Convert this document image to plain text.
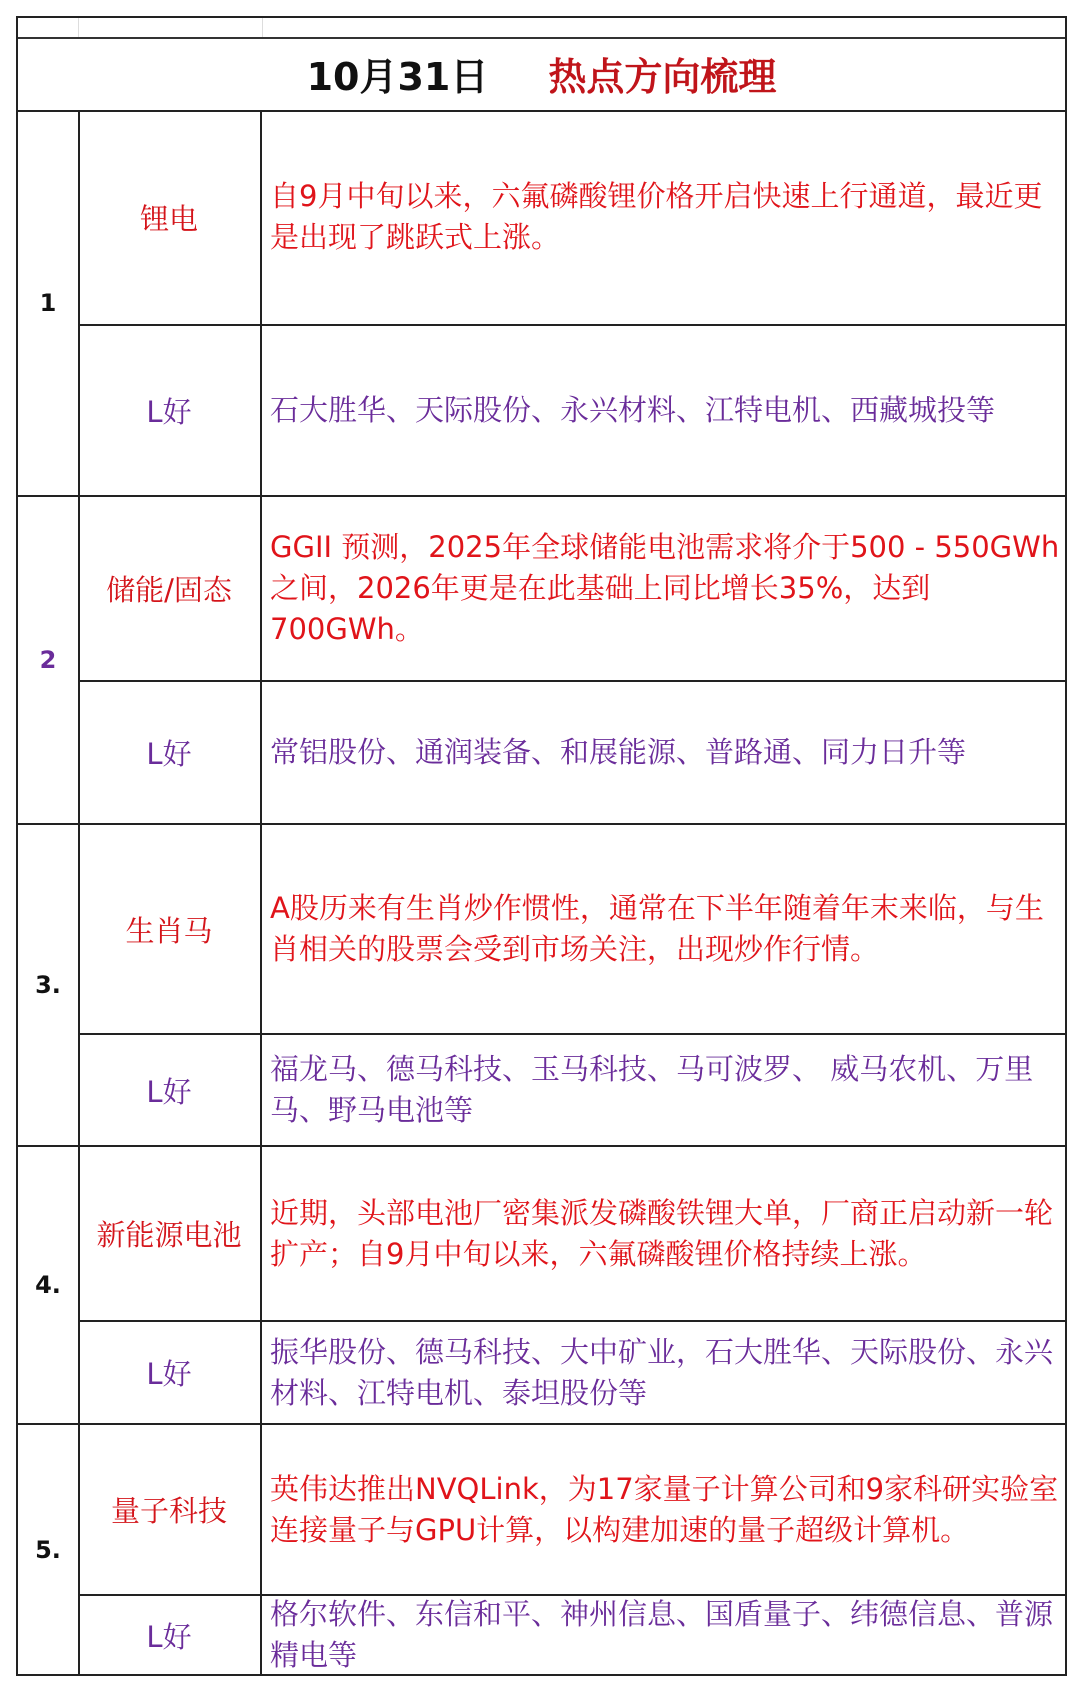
10月31日 热点方向梳理
1
锂电
自9月中旬以来，六氟磷酸锂价格开启快速上行通道，最近更是出现了跳跃式上涨。
L好	石大胜华、天际股份、永兴材料、江特电机、西藏城投等
2
储能/固态
GGII 预测，2025年全球储能电池需求将介于500 - 550GWh之间，2026年更是在此基础上同比增长35%，达到700GWh。
L好	常铝股份、通润装备、和展能源、普路通、同力日升等
3.
生肖马
A股历来有生肖炒作惯性，通常在下半年随着年末来临，与生肖相关的股票会受到市场关注，出现炒作行情。
L好
福龙马、德马科技、玉马科技、马可波罗、 威马农机、万里马、野马电池等
4.
新能源电池
近期，头部电池厂密集派发磷酸铁锂大单，厂商正启动新一轮扩产；自9月中旬以来，六氟磷酸锂价格持续上涨。
L好
振华股份、德马科技、大中矿业，石大胜华、天际股份、永兴材料、江特电机、泰坦股份等
5.
量子科技
英伟达推出NVQLink，为17家量子计算公司和9家科研实验室连接量子与GPU计算，以构建加速的量子超级计算机。
L好
格尔软件、东信和平、神州信息、国盾量子、纬德信息、普源精电等
